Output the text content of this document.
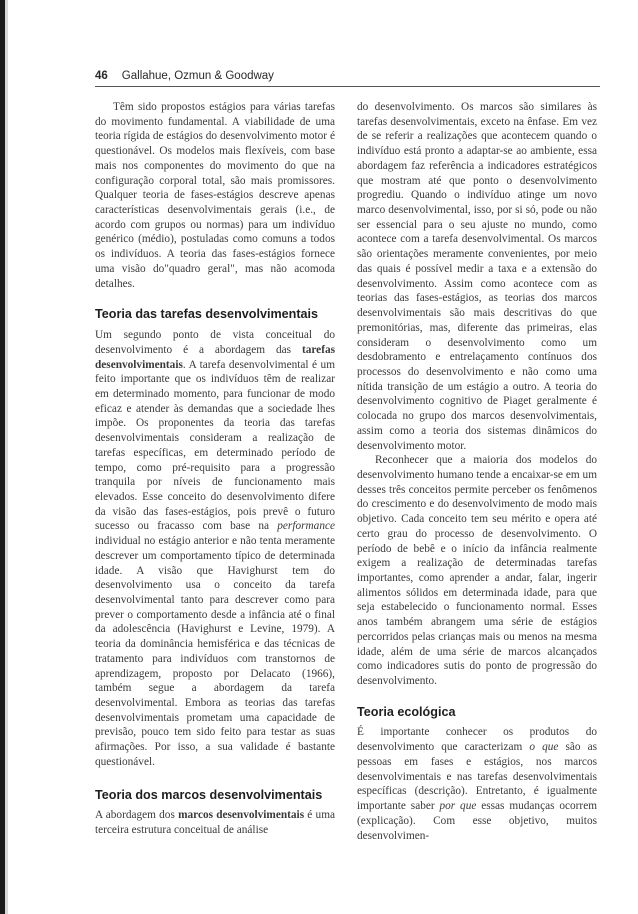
46 Gallahue, Ozmun & Goodway

Têm sido propostos estágios para várias tarefas do movimento fundamental. A viabilidade de uma teoria rígida de estágios do desenvolvimento motor é questionável. Os modelos mais flexíveis, com base mais nos componentes do movimento do que na configuração corporal total, são mais promissores. Qualquer teoria de fases-estágios descreve apenas características desenvolvimentais gerais (i.e., de acordo com grupos ou normas) para um indivíduo genérico (médio), postuladas como comuns a todos os indivíduos. A teoria das fases-estágios fornece uma visão do"quadro geral", mas não acomoda detalhes.

Teoria das tarefas desenvolvimentais

Um segundo ponto de vista conceitual do desenvolvimento é a abordagem das tarefas desenvolvimentais. A tarefa desenvolvimental é um feito importante que os indivíduos têm de realizar em determinado momento, para funcionar de modo eficaz e atender às demandas que a sociedade lhes impõe. Os proponentes da teoria das tarefas desenvolvimentais consideram a realização de tarefas específicas, em determinado período de tempo, como pré-requisito para a progressão tranquila por níveis de funcionamento mais elevados. Esse conceito do desenvolvimento difere da visão das fases-estágios, pois prevê o futuro sucesso ou fracasso com base na performance individual no estágio anterior e não tenta meramente descrever um comportamento típico de determinada idade. A visão que Havighurst tem do desenvolvimento usa o conceito da tarefa desenvolvimental tanto para descrever como para prever o comportamento desde a infância até o final da adolescência (Havighurst e Levine, 1979). A teoria da dominância hemisférica e das técnicas de tratamento para indivíduos com transtornos de aprendizagem, proposto por Delacato (1966), também segue a abordagem da tarefa desenvolvimental. Embora as teorias das tarefas desenvolvimentais prometam uma capacidade de previsão, pouco tem sido feito para testar as suas afirmações. Por isso, a sua validade é bastante questionável.

Teoria dos marcos desenvolvimentais

A abordagem dos marcos desenvolvimentais é uma terceira estrutura conceitual de análise

do desenvolvimento. Os marcos são similares às tarefas desenvolvimentais, exceto na ênfase. Em vez de se referir a realizações que acontecem quando o indivíduo está pronto a adaptar-se ao ambiente, essa abordagem faz referência a indicadores estratégicos que mostram até que ponto o desenvolvimento progrediu. Quando o indivíduo atinge um novo marco desenvolvimental, isso, por si só, pode ou não ser essencial para o seu ajuste no mundo, como acontece com a tarefa desenvolvimental. Os marcos são orientações meramente convenientes, por meio das quais é possível medir a taxa e a extensão do desenvolvimento. Assim como acontece com as teorias das fases-estágios, as teorias dos marcos desenvolvimentais são mais descritivas do que premonitórias, mas, diferente das primeiras, elas consideram o desenvolvimento como um desdobramento e entrelaçamento contínuos dos processos do desenvolvimento e não como uma nítida transição de um estágio a outro. A teoria do desenvolvimento cognitivo de Piaget geralmente é colocada no grupo dos marcos desenvolvimentais, assim como a teoria dos sistemas dinâmicos do desenvolvimento motor.

Reconhecer que a maioria dos modelos do desenvolvimento humano tende a encaixar-se em um desses três conceitos permite perceber os fenômenos do crescimento e do desenvolvimento de modo mais objetivo. Cada conceito tem seu mérito e opera até certo grau do processo de desenvolvimento. O período de bebê e o início da infância realmente exigem a realização de determinadas tarefas importantes, como aprender a andar, falar, ingerir alimentos sólidos em determinada idade, para que seja estabelecido o funcionamento normal. Esses anos também abrangem uma série de estágios percorridos pelas crianças mais ou menos na mesma idade, além de uma série de marcos alcançados como indicadores sutis do ponto de progressão do desenvolvimento.

Teoria ecológica

É importante conhecer os produtos do desenvolvimento que caracterizam o que são as pessoas em fases e estágios, nos marcos desenvolvimentais e nas tarefas desenvolvimentais específicas (descrição). Entretanto, é igualmente importante saber por que essas mudanças ocorrem (explicação). Com esse objetivo, muitos desenvolvimen-
